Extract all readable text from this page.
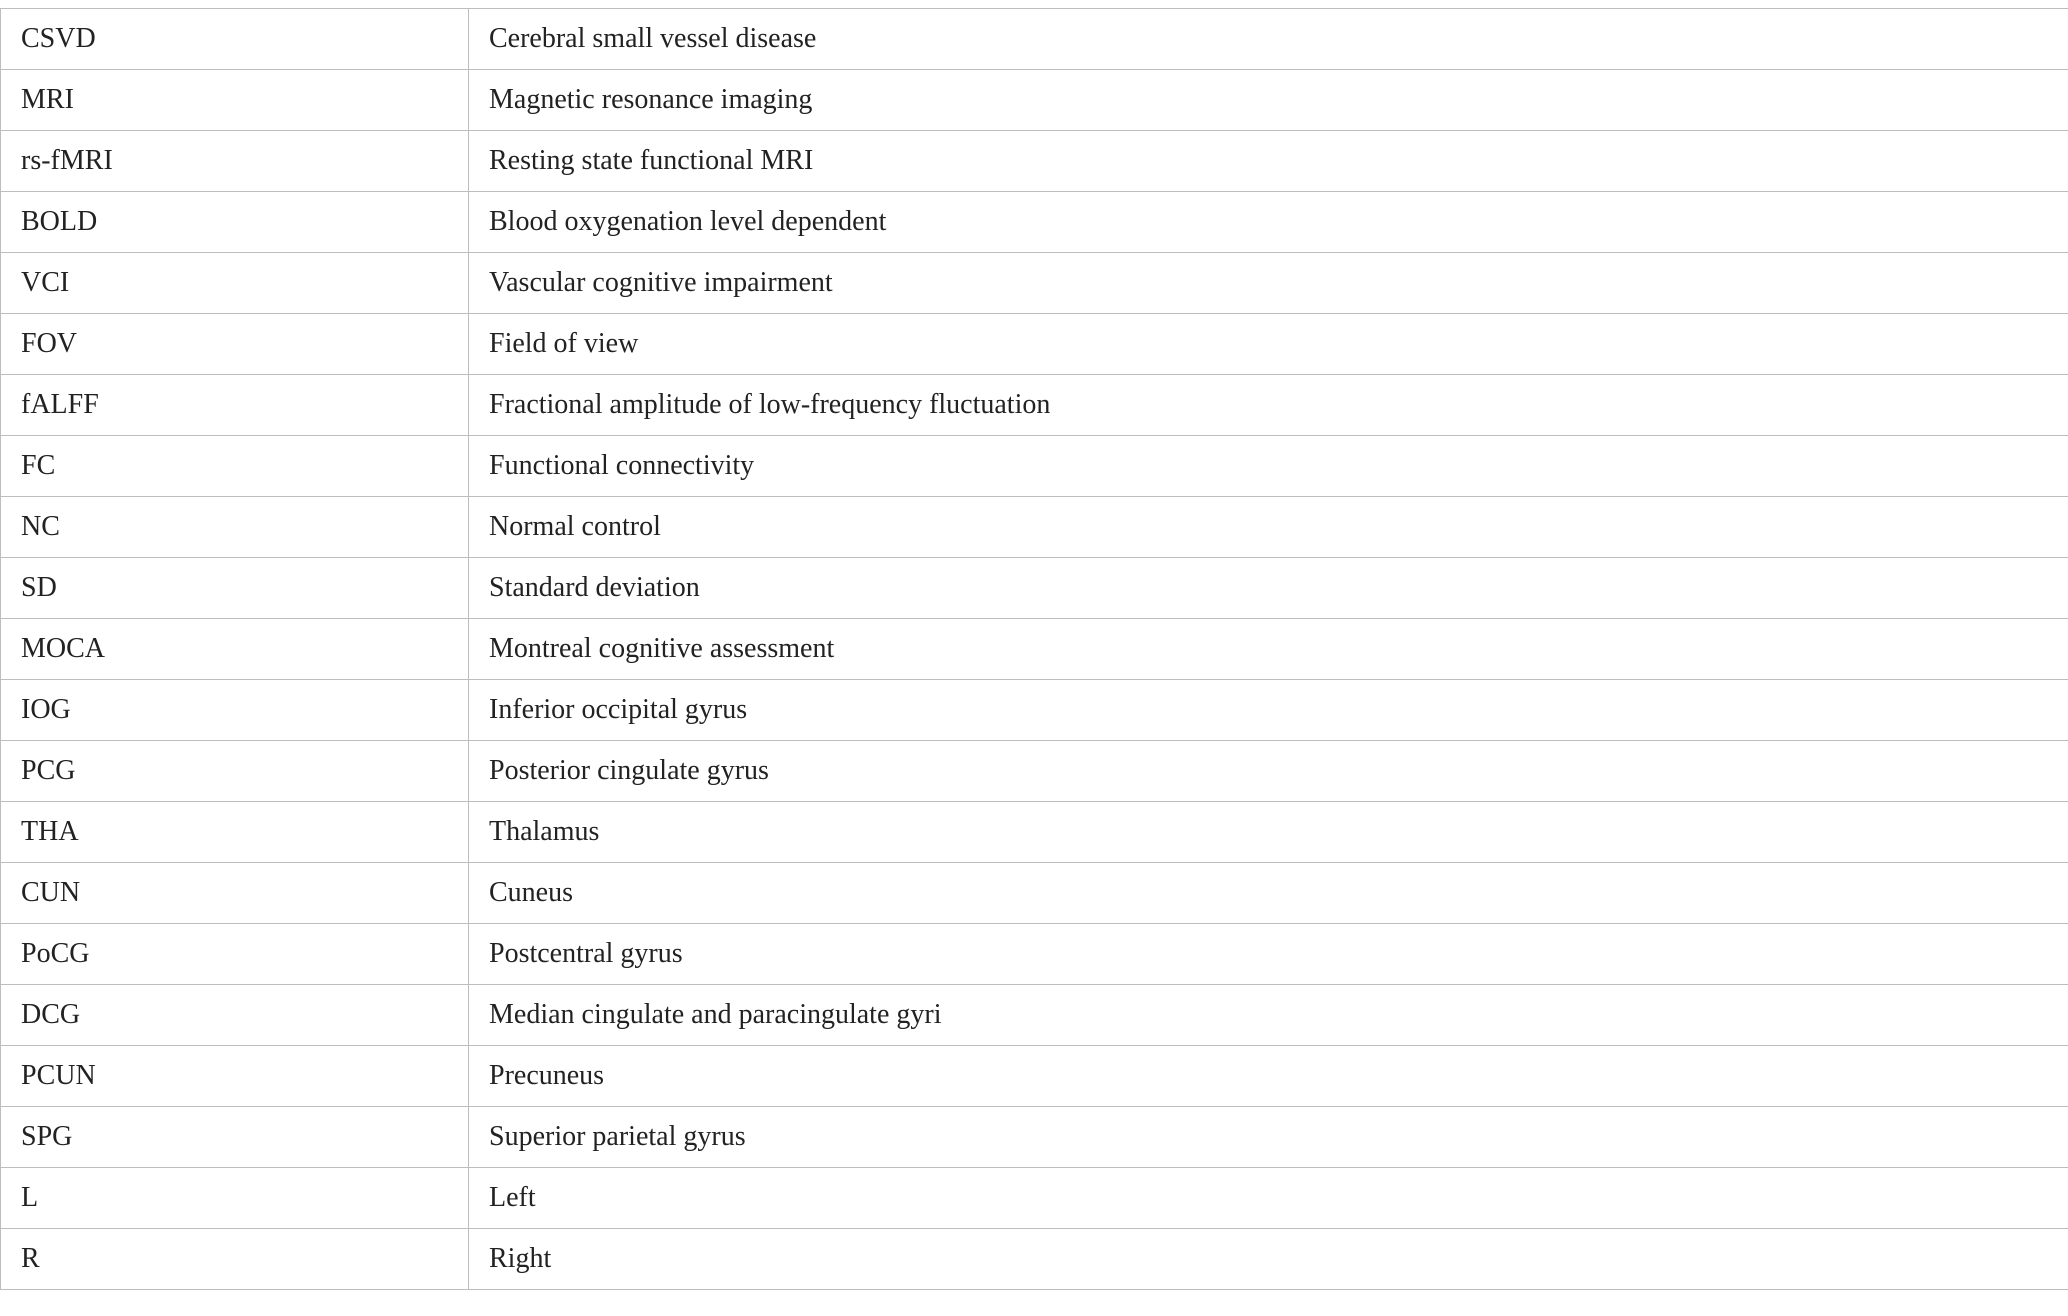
CSVD	Cerebral small vessel disease
MRI	Magnetic resonance imaging
rs-fMRI	Resting state functional MRI
BOLD	Blood oxygenation level dependent
VCI	Vascular cognitive impairment
FOV	Field of view
fALFF	Fractional amplitude of low-frequency fluctuation
FC	Functional connectivity
NC	Normal control
SD	Standard deviation
MOCA	Montreal cognitive assessment
IOG	Inferior occipital gyrus
PCG	Posterior cingulate gyrus
THA	Thalamus
CUN	Cuneus
PoCG	Postcentral gyrus
DCG	Median cingulate and paracingulate gyri
PCUN	Precuneus
SPG	Superior parietal gyrus
L	Left
R	Right
